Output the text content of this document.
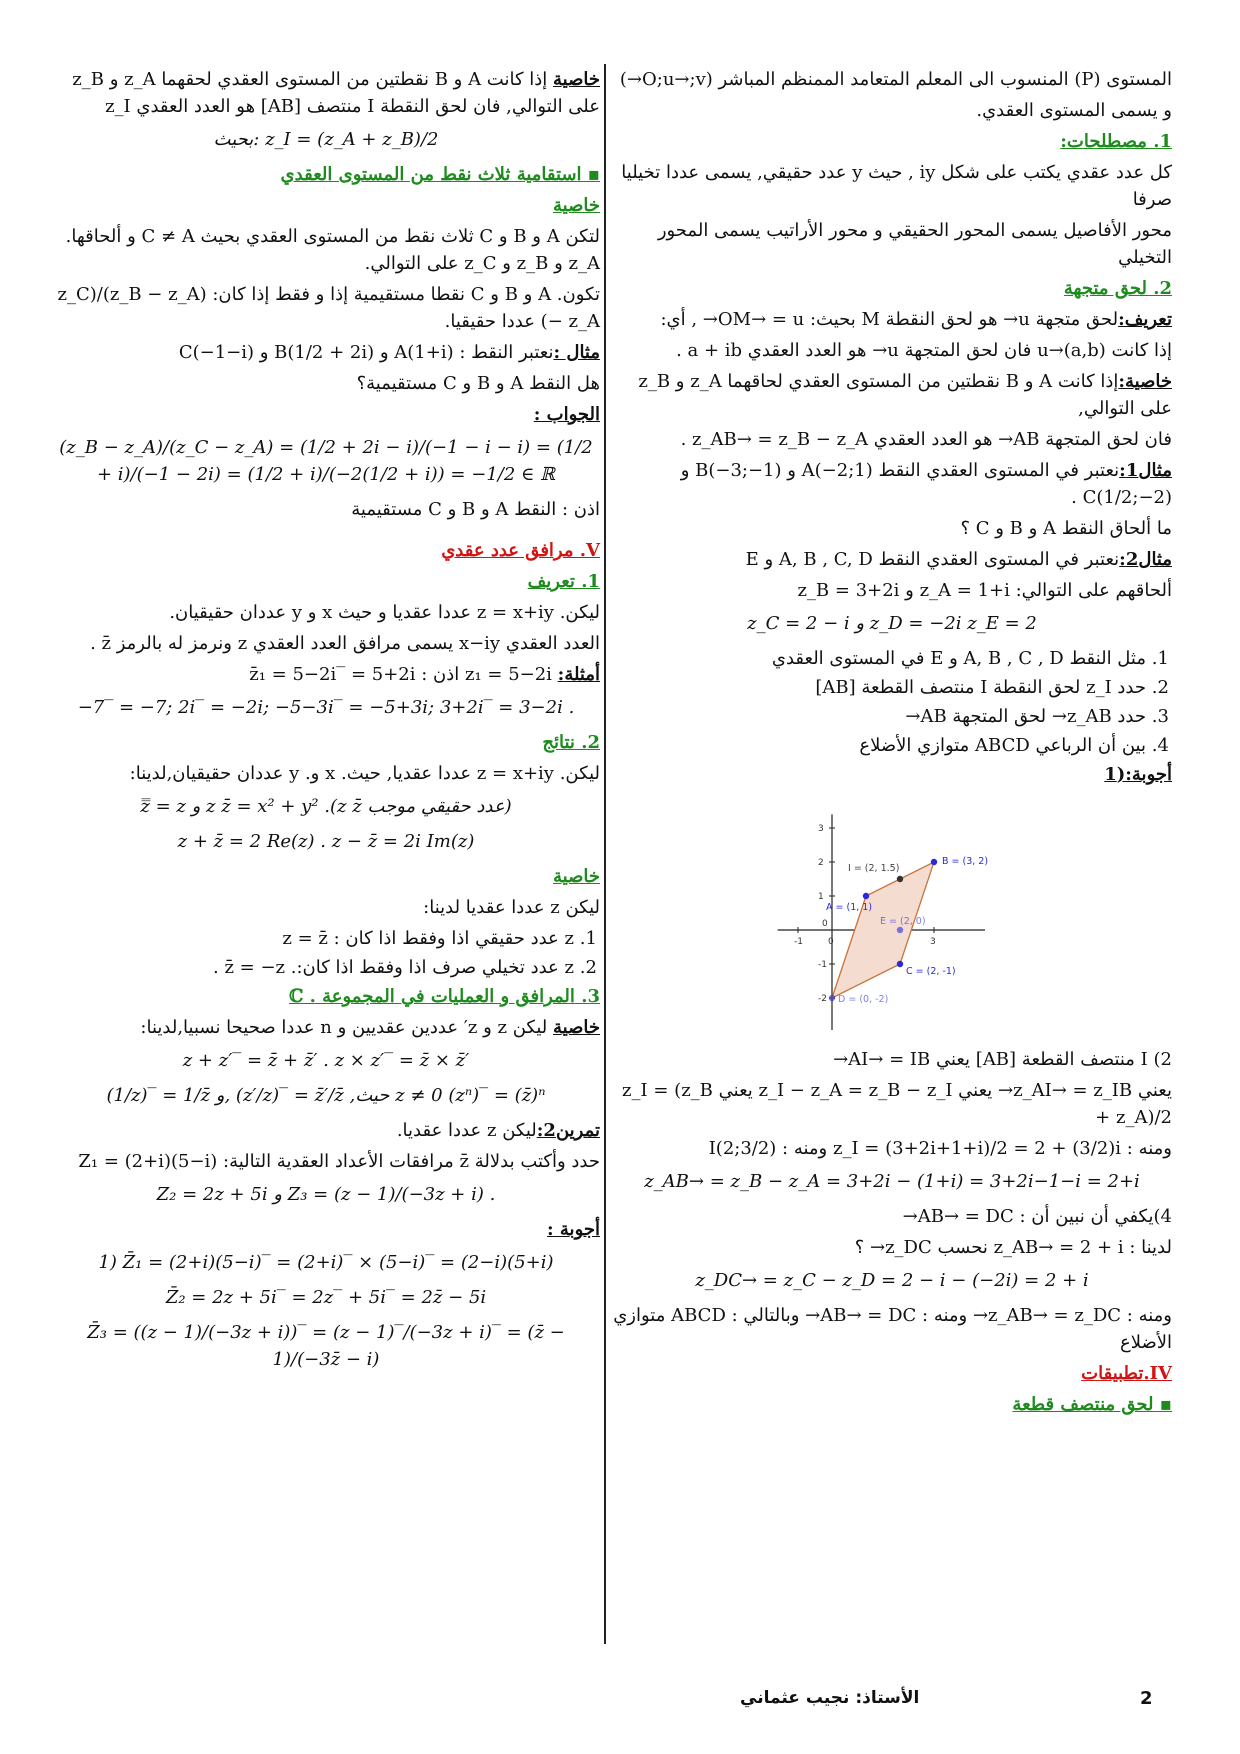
المستوى (P) المنسوب الى المعلم المتعامد الممنظم المباشر (O;u→;v→)

و يسمى المستوى العقدي.

1. مصطلحات:

كل عدد عقدي يكتب على شكل iy , حيث y عدد حقيقي, يسمى عددا تخيليا صرفا

محور الأفاصيل يسمى المحور الحقيقي و محور الأراتيب يسمى المحور التخيلي

2. لحق متجهة

تعريف:لحق متجهة u→ هو لحق النقطة M بحيث: OM→ = u→ , أي:

إذا كانت u→(a,b) فان لحق المتجهة u→ هو العدد العقدي a + ib .

خاصية:إذا كانت A و B نقطتين من المستوى العقدي لحاقهما z_A و z_B على التوالي,

فان لحق المتجهة AB→ هو العدد العقدي z_AB→ = z_B − z_A .

مثال1:نعتبر في المستوى العقدي النقط A(−2;1) و B(−3;−1) و C(1/2;−2) .

ما ألحاق النقط A و B و C ؟

مثال2:نعتبر في المستوى العقدي النقط A, B , C, D و E

ألحاقهم على التوالي: z_A = 1+i و z_B = 3+2i

z_C = 2 − i و z_D = −2i z_E = 2
1. مثل النقط A, B , C , D و E في المستوى العقدي
2. حدد z_I لحق النقطة I منتصف القطعة [AB]
3. حدد z_AB→ لحق المتجهة AB→
4. بين أن الرباعي ABCD متوازي الأضلاع

أجوبة:(1

-1	0	3
3
2
1
-1
-2
0
A = (1, 1)
B = (3, 2)
C = (2, -1)
D = (0, -2)
E = (2, 0)
I = (2, 1.5)

2) I منتصف القطعة [AB] يعني AI→ = IB→

يعني z_AI→ = z_IB→ يعني z_I − z_A = z_B − z_I يعني z_I = (z_B + z_A)/2

ومنه : z_I = (3+2i+1+i)/2 = 2 + (3/2)i ومنه : I(2;3/2)

z_AB→ = z_B − z_A = 3+2i − (1+i) = 3+2i−1−i = 2+i

4)يكفي أن نبين أن : AB→ = DC→

لدينا : z_AB→ = 2 + i نحسب z_DC→ ؟

z_DC→ = z_C − z_D = 2 − i − (−2i) = 2 + i

ومنه : z_AB→ = z_DC→ ومنه : AB→ = DC→ وبالتالي : ABCD متوازي الأضلاع

IV.تطبيقات

▪ لحق منتصف قطعة

خاصية إذا كانت A و B نقطتين من المستوى العقدي لحقهما z_A و z_B على التوالي, فان لحق النقطة I منتصف [AB] هو العدد العقدي z_I

بحيث: z_I = (z_A + z_B)/2

▪ استقامية ثلاث نقط من المستوى العقدي

خاصية

لتكن A و B و C ثلاث نقط من المستوى العقدي بحيث C ≠ A و ألحاقها. z_A و z_B و z_C على التوالي.

تكون. A و B و C نقطا مستقيمية إذا و فقط إذا كان: (z_B − z_A)/(z_C − z_A) عددا حقيقيا.

مثال :نعتبر النقط : A(1+i) و B(1/2 + 2i) و C(−1−i)

هل النقط A و B و C مستقيمية؟

الجواب :

(z_B − z_A)/(z_C − z_A) = (1/2 + 2i − i)/(−1 − i − i) = (1/2 + i)/(−1 − 2i) = (1/2 + i)/(−2(1/2 + i)) = −1/2 ∈ ℝ

اذن : النقط A و B و C مستقيمية

V. مرافق عدد عقدي

1. تعريف

ليكن. z = x+iy عددا عقديا و حيث x و y عددان حقيقيان.

العدد العقدي x−iy يسمى مرافق العدد العقدي z ونرمز له بالرمز z̄ .

أمثلة: z₁ = 5−2i اذن : z̄₁ = 5−2i‾ = 5+2i

−7‾ = −7; 2i‾ = −2i; −5−3i‾ = −5+3i; 3+2i‾ = 3−2i .

2. نتائج

ليكن. z = x+iy عددا عقديا, حيث. x و. y عددان حقيقيان,لدينا:

z̿ = z و z z̄ = x² + y² .(z z̄ عدد حقيقي موجب)
z + z̄ = 2 Re(z) . z − z̄ = 2i Im(z)

خاصية

ليكن z عددا عقديا لدينا:

1. z عدد حقيقي اذا وفقط اذا كان : z = z̄
2. z عدد تخيلي صرف اذا وفقط اذا كان:. z̄ = −z .

3. المرافق و العمليات في المجموعة . ℂ

خاصية ليكن z و z′ عددين عقديين و n عددا صحيحا نسبيا,لدينا:

z + z′‾ = z̄ + z̄′ . z × z′‾ = z̄ × z̄′
(1/z)‾ = 1/z̄ و, (z′/z)‾ = z̄′/z̄ ,حيث z ≠ 0 (zⁿ)‾ = (z̄)ⁿ

تمرين2:ليكن z عددا عقديا.

حدد وأكتب بدلالة z̄ مرافقات الأعداد العقدية التالية: Z₁ = (2+i)(5−i)

Z₂ = 2z + 5i و Z₃ = (z − 1)/(−3z + i) .

أجوبة :

1) Z̄₁ = (2+i)(5−i)‾ = (2+i)‾ × (5−i)‾ = (2−i)(5+i)
Z̄₂ = 2z + 5i‾ = 2z‾ + 5i‾ = 2z̄ − 5i
Z̄₃ = ((z − 1)/(−3z + i))‾ = (z − 1)‾/(−3z + i)‾ = (z̄ − 1)/(−3z̄ − i)
2
الأستاذ: نجيب عثماني
